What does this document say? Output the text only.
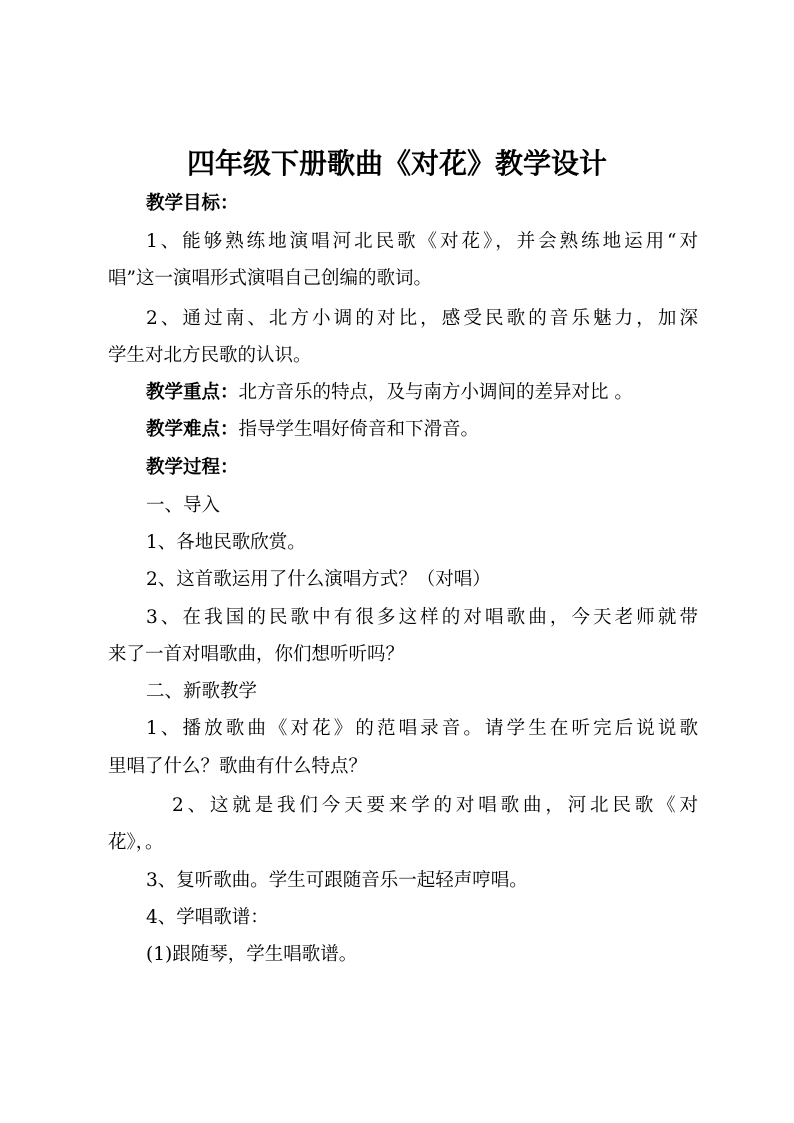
四年级下册歌曲《对花》教学设计

教学目标：

1、能够熟练地演唱河北民歌《对花》，并会熟练地运用“对

唱”这一演唱形式演唱自己创编的歌词。

2、通过南、北方小调的对比，感受民歌的音乐魅力，加深

学生对北方民歌的认识。

教学重点：北方音乐的特点，及与南方小调间的差异对比 。

教学难点：指导学生唱好倚音和下滑音。

教学过程：

一、导入

1、各地民歌欣赏。

2、这首歌运用了什么演唱方式？（对唱）

3、在我国的民歌中有很多这样的对唱歌曲，今天老师就带

来了一首对唱歌曲，你们想听听吗？

二、新歌教学

1、播放歌曲《对花》的范唱录音。请学生在听完后说说歌

里唱了什么？歌曲有什么特点？

2、这就是我们今天要来学的对唱歌曲，河北民歌《对

花》，。

3、复听歌曲。学生可跟随音乐一起轻声哼唱。

4、学唱歌谱：

(1)跟随琴，学生唱歌谱。
